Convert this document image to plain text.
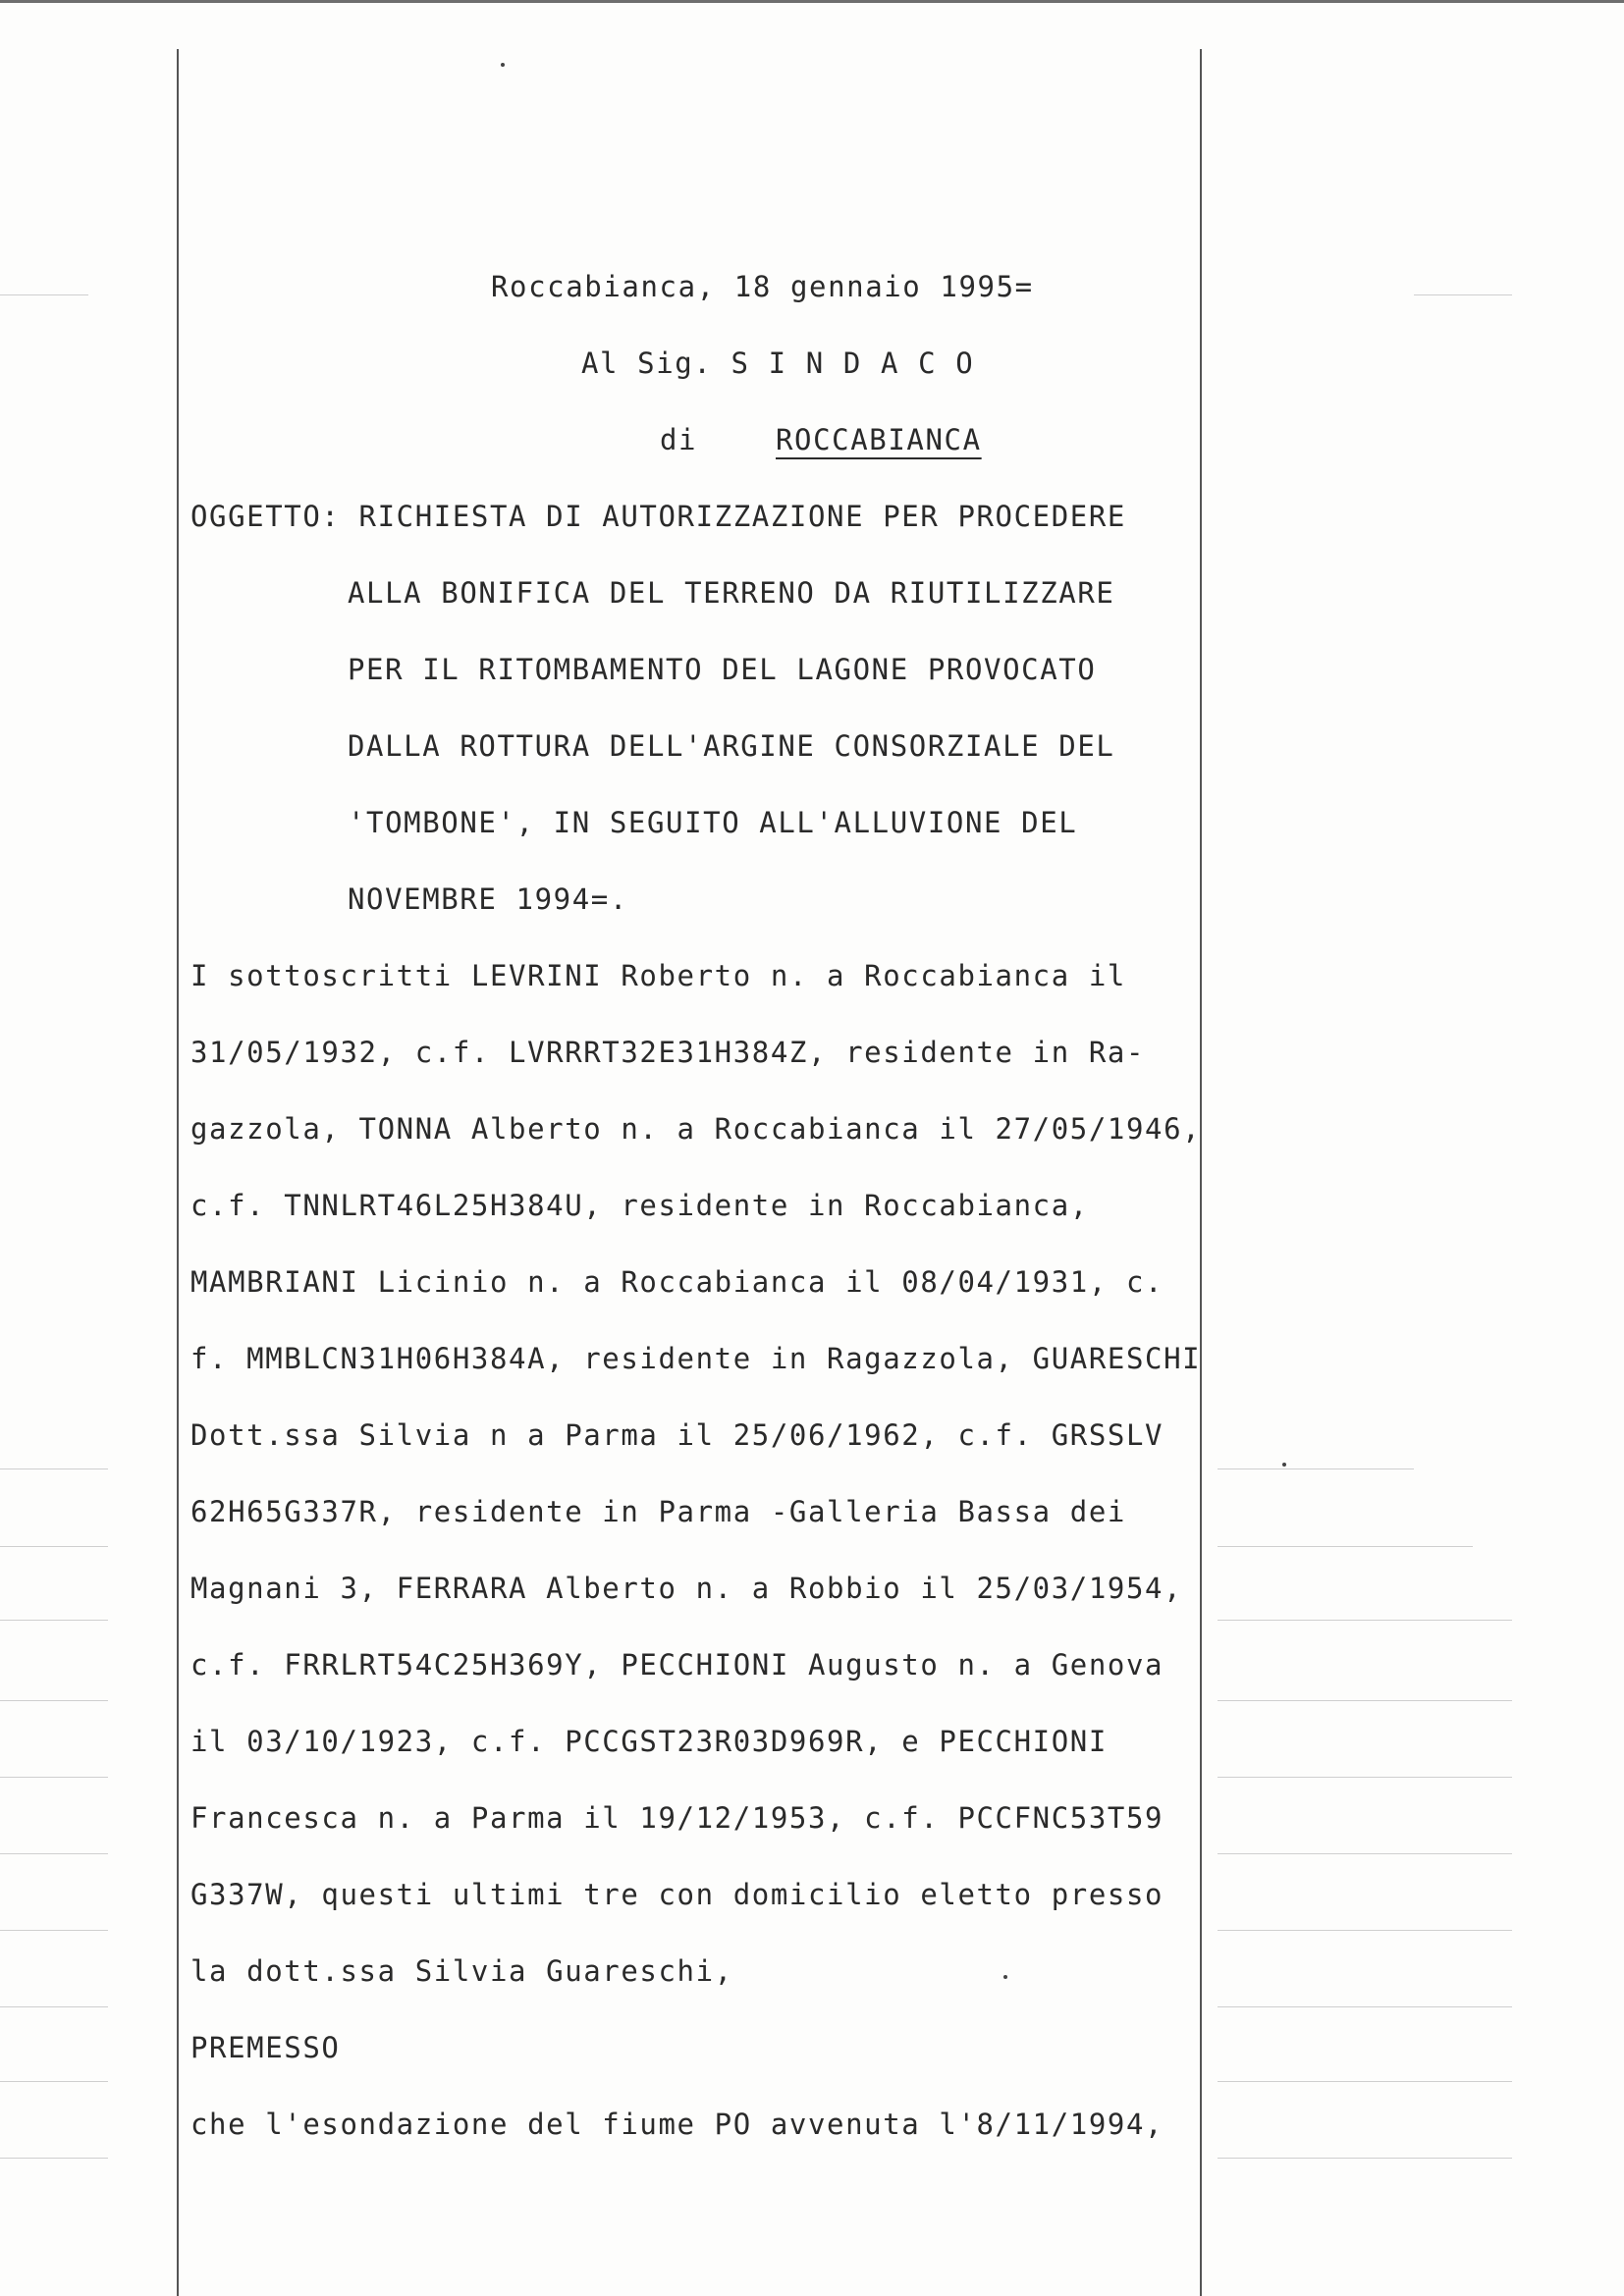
Roccabianca, 18 gennaio 1995=
Al Sig. S I N D A C O
di	ROCCABIANCA
OGGETTO: RICHIESTA DI AUTORIZZAZIONE PER PROCEDERE
ALLA BONIFICA DEL TERRENO DA RIUTILIZZARE
PER IL RITOMBAMENTO DEL LAGONE PROVOCATO
DALLA ROTTURA DELL'ARGINE CONSORZIALE DEL
'TOMBONE', IN SEGUITO ALL'ALLUVIONE DEL
NOVEMBRE 1994=.
I sottoscritti LEVRINI Roberto n. a Roccabianca il
31/05/1932, c.f. LVRRRT32E31H384Z, residente in Ra-
gazzola, TONNA Alberto n. a Roccabianca il 27/05/1946,
c.f. TNNLRT46L25H384U, residente in Roccabianca,
MAMBRIANI Licinio n. a Roccabianca il 08/04/1931, c.
f. MMBLCN31H06H384A, residente in Ragazzola, GUARESCHI
Dott.ssa Silvia n a Parma il 25/06/1962, c.f. GRSSLV
62H65G337R, residente in Parma -Galleria Bassa dei
Magnani 3, FERRARA Alberto n. a Robbio il 25/03/1954,
c.f. FRRLRT54C25H369Y, PECCHIONI Augusto n. a Genova
il 03/10/1923, c.f. PCCGST23R03D969R, e PECCHIONI
Francesca n. a Parma il 19/12/1953, c.f. PCCFNC53T59
G337W, questi ultimi tre con domicilio eletto presso
la dott.ssa Silvia Guareschi,
PREMESSO
che l'esondazione del fiume PO avvenuta l'8/11/1994,
